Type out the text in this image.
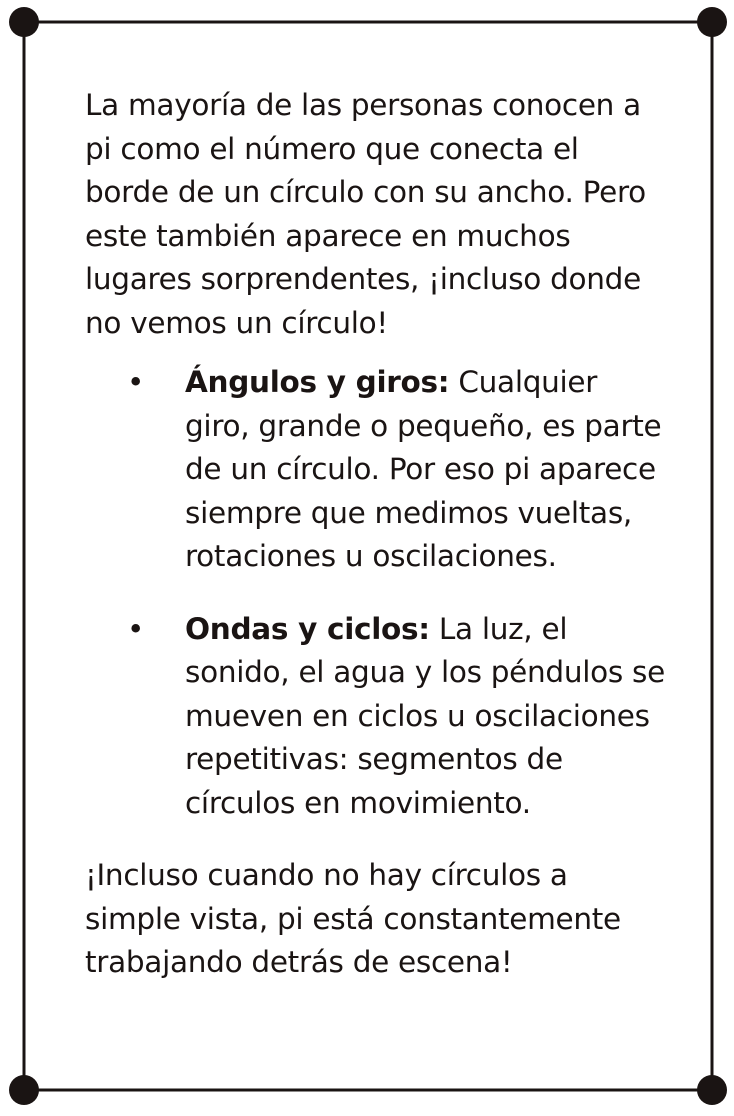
La mayoría de las personas conocen a pi como el número que conecta el borde de un círculo con su ancho. Pero este también aparece en muchos lugares sorprendentes, ¡incluso donde no vemos un círculo!

• Ángulos y giros: Cualquier giro, grande o pequeño, es parte de un círculo. Por eso pi aparece siempre que medimos vueltas, rotaciones u oscilaciones.
• Ondas y ciclos: La luz, el sonido, el agua y los péndulos se mueven en ciclos u oscilaciones repetitivas: segmentos de círculos en movimiento.

¡Incluso cuando no hay círculos a simple vista, pi está constantemente trabajando detrás de escena!
